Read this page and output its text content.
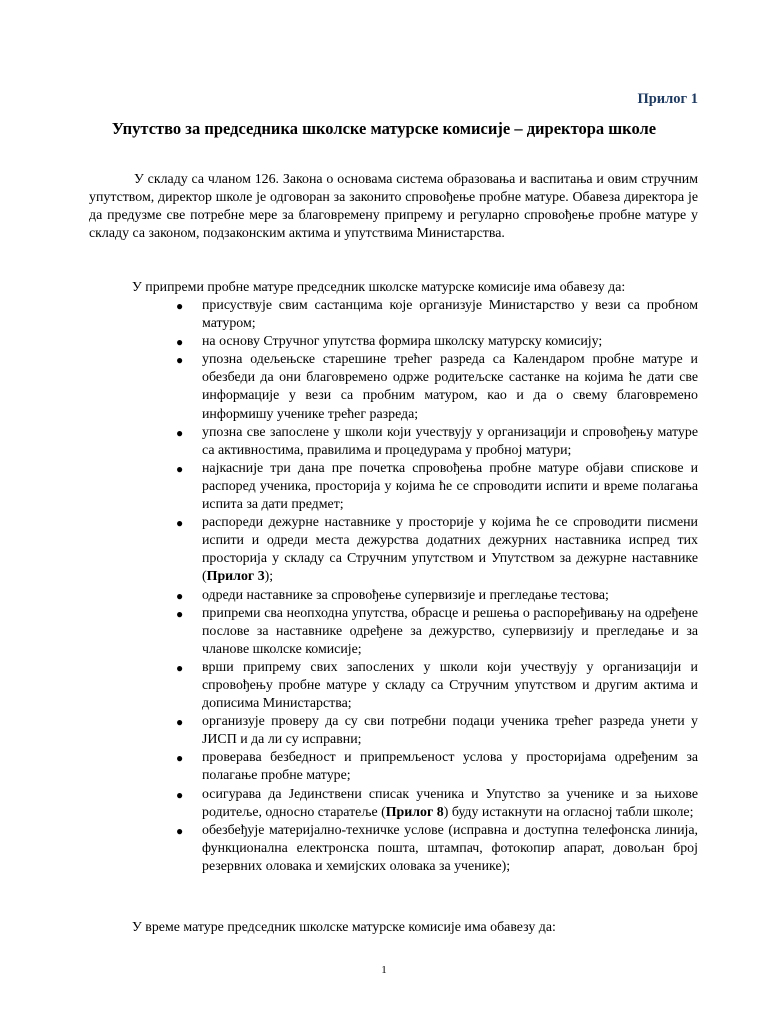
Прилог 1
Упутство за председника школске матурске комисије – директора школе

У складу са чланом 126. Закона о основама система образовања и васпитања и овим стручним упутством, директор школе је одговоран за законито спровођење пробне матуре. Обавеза директора је да предузме све потребне мере за благовремену припрему и регуларно спровођење пробне матуре у складу са законом, подзаконским актима и упутствима Министарства.

У припреми пробне матуре председник школске матурске комисије има обавезу да:

● присуствује свим састанцима које организује Министарство у вези са пробном матуром;
● на основу Стручног упутства формира школску матурску комисију;
● упозна одељењске старешине трећег разреда са Календаром пробне матуре и обезбеди да они благовремено одрже родитељске састанке на којима ће дати све информације у вези са пробним матуром, као и да о свему благовремено информишу ученике трећег разреда;
● упозна све запослене у школи који учествују у организацији и спровођењу матуре са активностима, правилима и процедурама у пробној матури;
● најкасније три дана пре почетка спровођења пробне матуре објави спискове и распоред ученика, просторија у којима ће се спроводити испити и време полагања испита за дати предмет;
● распореди дежурне наставнике у просторије у којима ће се спроводити писмени испити и одреди места дежурства додатних дежурних наставника испред тих просторија у складу са Стручним упутством и Упутством за дежурне наставнике (Прилог 3);
● одреди наставнике за спровођење супервизије и прегледање тестова;
● припреми сва неопходна упутства, обрасце и решења о распоређивању на одређене послове за наставнике одређене за дежурство, супервизију и прегледање и за чланове школске комисије;
● врши припрему свих запослених у школи који учествују у организацији и спровођењу пробне матуре у складу са Стручним упутством и другим актима и дописима Министарства;
● организује проверу да су сви потребни подаци ученика трећег разреда унети у ЈИСП и да ли су исправни;
● проверава безбедност и припремљеност услова у просторијама одређеним за полагање пробне матуре;
● осигурава да Јединствени списак ученика и Упутство за ученике и за њихове родитеље, односно старатеље (Прилог 8) буду истакнути на огласној табли школе;
● обезбеђује материјално-техничке услове (исправна и доступна телефонска линија, функционална електронска пошта, штампач, фотокопир апарат, довољан број резервних оловака и хемијских оловака за ученике);

У време матуре председник школске матурске комисије има обавезу да:

1
